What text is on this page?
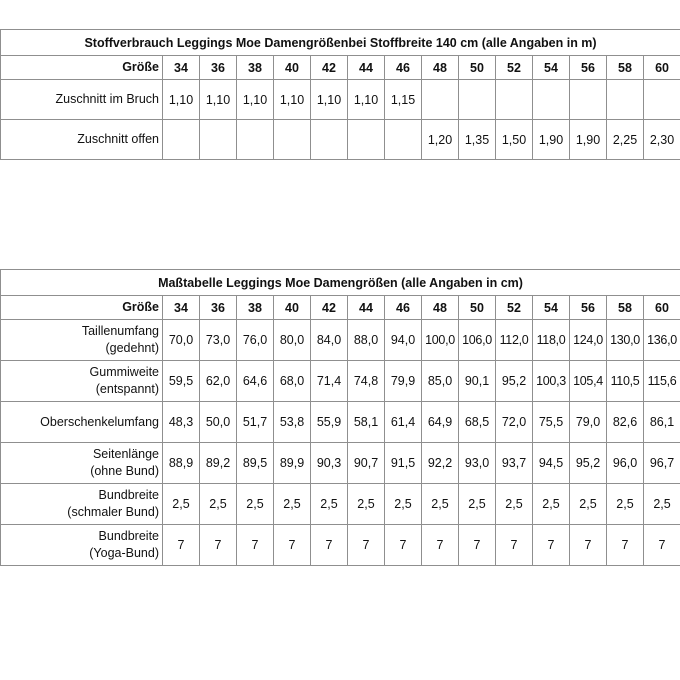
Stoffverbrauch Leggings Moe Damengrößenbei Stoffbreite 140 cm (alle Angaben in m)														
Größe	34	36	38	40	42	44	46	48	50	52	54	56	58	60
Zuschnitt im Bruch	1,10	1,10	1,10	1,10	1,10	1,10	1,15							
Zuschnitt offen								1,20	1,35	1,50	1,90	1,90	2,25	2,30
Maßtabelle Leggings Moe Damengrößen (alle Angaben in cm)														
Größe	34	36	38	40	42	44	46	48	50	52	54	56	58	60

Taillenumfang
(gedehnt)	70,0	73,0	76,0	80,0	84,0	88,0	94,0	100,0	106,0	112,0	118,0	124,0	130,0	136,0

Gummiweite
(entspannt)	59,5	62,0	64,6	68,0	71,4	74,8	79,9	85,0	90,1	95,2	100,3	105,4	110,5	115,6

Oberschenkelumfang	48,3	50,0	51,7	53,8	55,9	58,1	61,4	64,9	68,5	72,0	75,5	79,0	82,6	86,1

Seitenlänge
(ohne Bund)	88,9	89,2	89,5	89,9	90,3	90,7	91,5	92,2	93,0	93,7	94,5	95,2	96,0	96,7

Bundbreite
(schmaler Bund)	2,5	2,5	2,5	2,5	2,5	2,5	2,5	2,5	2,5	2,5	2,5	2,5	2,5	2,5

Bundbreite
(Yoga-Bund)	7	7	7	7	7	7	7	7	7	7	7	7	7	7
